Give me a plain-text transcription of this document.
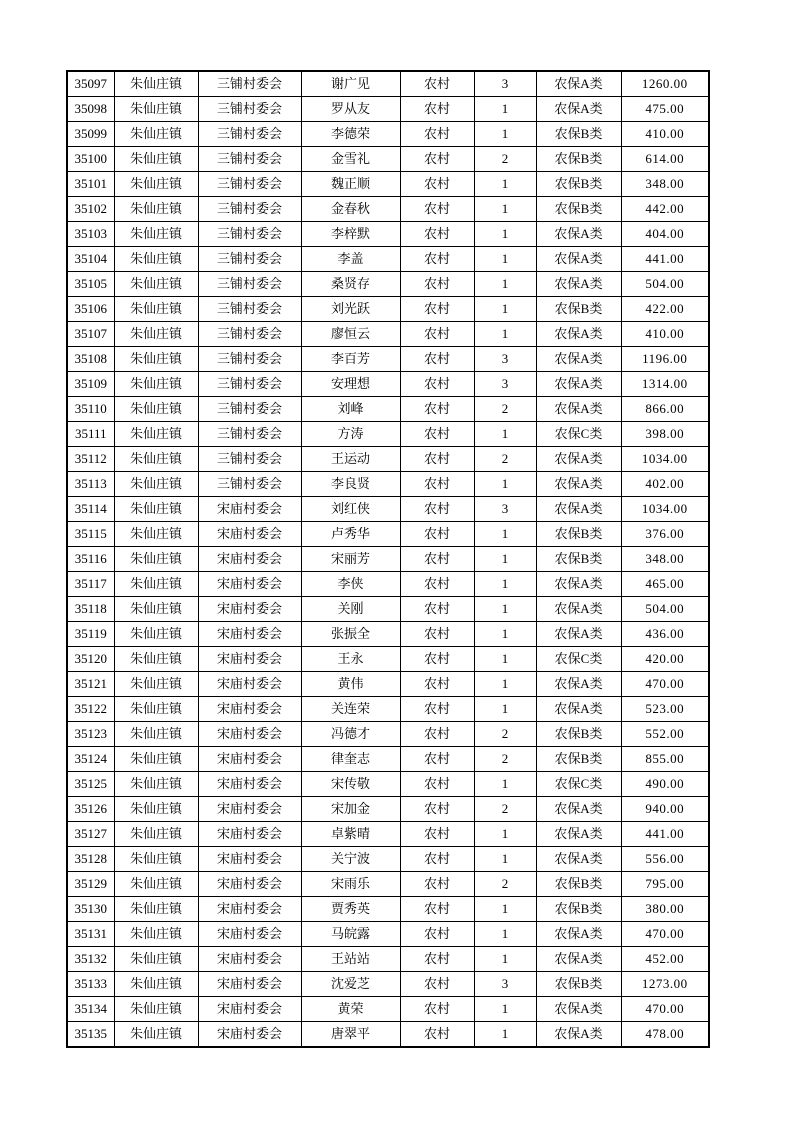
35097	朱仙庄镇	三铺村委会	谢广见	农村	3	农保A类	1260.00
35098	朱仙庄镇	三铺村委会	罗从友	农村	1	农保A类	475.00
35099	朱仙庄镇	三铺村委会	李德荣	农村	1	农保B类	410.00
35100	朱仙庄镇	三铺村委会	金雪礼	农村	2	农保B类	614.00
35101	朱仙庄镇	三铺村委会	魏正顺	农村	1	农保B类	348.00
35102	朱仙庄镇	三铺村委会	金春秋	农村	1	农保B类	442.00
35103	朱仙庄镇	三铺村委会	李梓默	农村	1	农保A类	404.00
35104	朱仙庄镇	三铺村委会	李盖	农村	1	农保A类	441.00
35105	朱仙庄镇	三铺村委会	桑贤存	农村	1	农保A类	504.00
35106	朱仙庄镇	三铺村委会	刘光跃	农村	1	农保B类	422.00
35107	朱仙庄镇	三铺村委会	廖恒云	农村	1	农保A类	410.00
35108	朱仙庄镇	三铺村委会	李百芳	农村	3	农保A类	1196.00
35109	朱仙庄镇	三铺村委会	安理想	农村	3	农保A类	1314.00
35110	朱仙庄镇	三铺村委会	刘峰	农村	2	农保A类	866.00
35111	朱仙庄镇	三铺村委会	方涛	农村	1	农保C类	398.00
35112	朱仙庄镇	三铺村委会	王运动	农村	2	农保A类	1034.00
35113	朱仙庄镇	三铺村委会	李良贤	农村	1	农保A类	402.00
35114	朱仙庄镇	宋庙村委会	刘红侠	农村	3	农保A类	1034.00
35115	朱仙庄镇	宋庙村委会	卢秀华	农村	1	农保B类	376.00
35116	朱仙庄镇	宋庙村委会	宋丽芳	农村	1	农保B类	348.00
35117	朱仙庄镇	宋庙村委会	李侠	农村	1	农保A类	465.00
35118	朱仙庄镇	宋庙村委会	关刚	农村	1	农保A类	504.00
35119	朱仙庄镇	宋庙村委会	张振全	农村	1	农保A类	436.00
35120	朱仙庄镇	宋庙村委会	王永	农村	1	农保C类	420.00
35121	朱仙庄镇	宋庙村委会	黄伟	农村	1	农保A类	470.00
35122	朱仙庄镇	宋庙村委会	关连荣	农村	1	农保A类	523.00
35123	朱仙庄镇	宋庙村委会	冯德才	农村	2	农保B类	552.00
35124	朱仙庄镇	宋庙村委会	律奎志	农村	2	农保B类	855.00
35125	朱仙庄镇	宋庙村委会	宋传敬	农村	1	农保C类	490.00
35126	朱仙庄镇	宋庙村委会	宋加金	农村	2	农保A类	940.00
35127	朱仙庄镇	宋庙村委会	卓紫晴	农村	1	农保A类	441.00
35128	朱仙庄镇	宋庙村委会	关宁波	农村	1	农保A类	556.00
35129	朱仙庄镇	宋庙村委会	宋雨乐	农村	2	农保B类	795.00
35130	朱仙庄镇	宋庙村委会	贾秀英	农村	1	农保B类	380.00
35131	朱仙庄镇	宋庙村委会	马皖露	农村	1	农保A类	470.00
35132	朱仙庄镇	宋庙村委会	王站站	农村	1	农保A类	452.00
35133	朱仙庄镇	宋庙村委会	沈爱芝	农村	3	农保B类	1273.00
35134	朱仙庄镇	宋庙村委会	黄荣	农村	1	农保A类	470.00
35135	朱仙庄镇	宋庙村委会	唐翠平	农村	1	农保A类	478.00
